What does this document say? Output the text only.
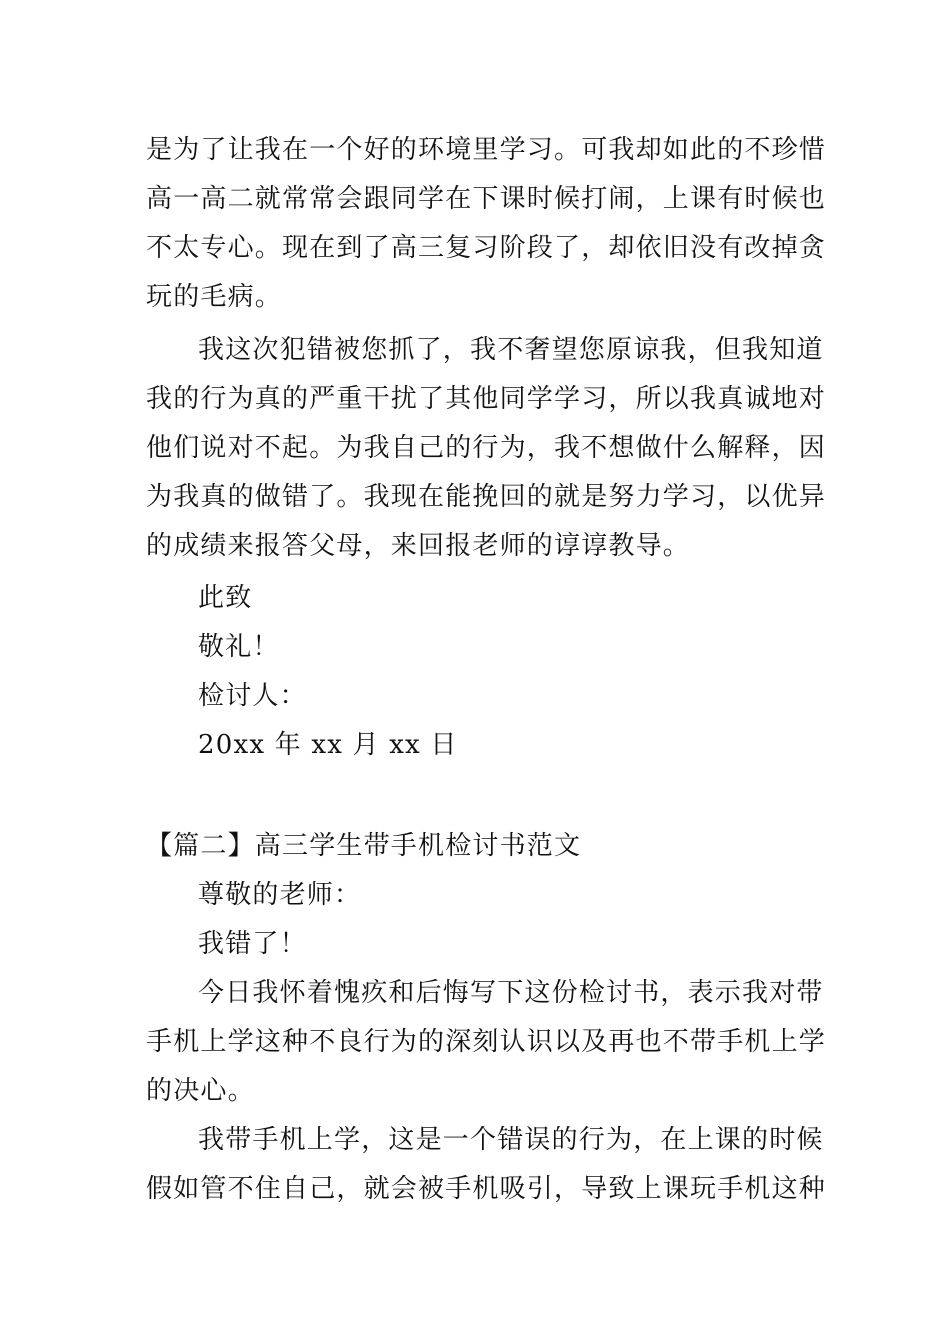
是为了让我在一个好的环境里学习。可我却如此的不珍惜
高一高二就常常会跟同学在下课时候打闹，上课有时候也
不太专心。现在到了高三复习阶段了，却依旧没有改掉贪
玩的毛病。
我这次犯错被您抓了，我不奢望您原谅我，但我知道
我的行为真的严重干扰了其他同学学习，所以我真诚地对
他们说对不起。为我自己的行为，我不想做什么解释，因
为我真的做错了。我现在能挽回的就是努力学习，以优异
的成绩来报答父母，来回报老师的谆谆教导。
此致
敬礼！
检讨人：
20xx 年 xx 月 xx 日
【篇二】高三学生带手机检讨书范文
尊敬的老师：
我错了！
今日我怀着愧疚和后悔写下这份检讨书，表示我对带
手机上学这种不良行为的深刻认识以及再也不带手机上学
的决心。
我带手机上学，这是一个错误的行为，在上课的时候
假如管不住自己，就会被手机吸引，导致上课玩手机这种
